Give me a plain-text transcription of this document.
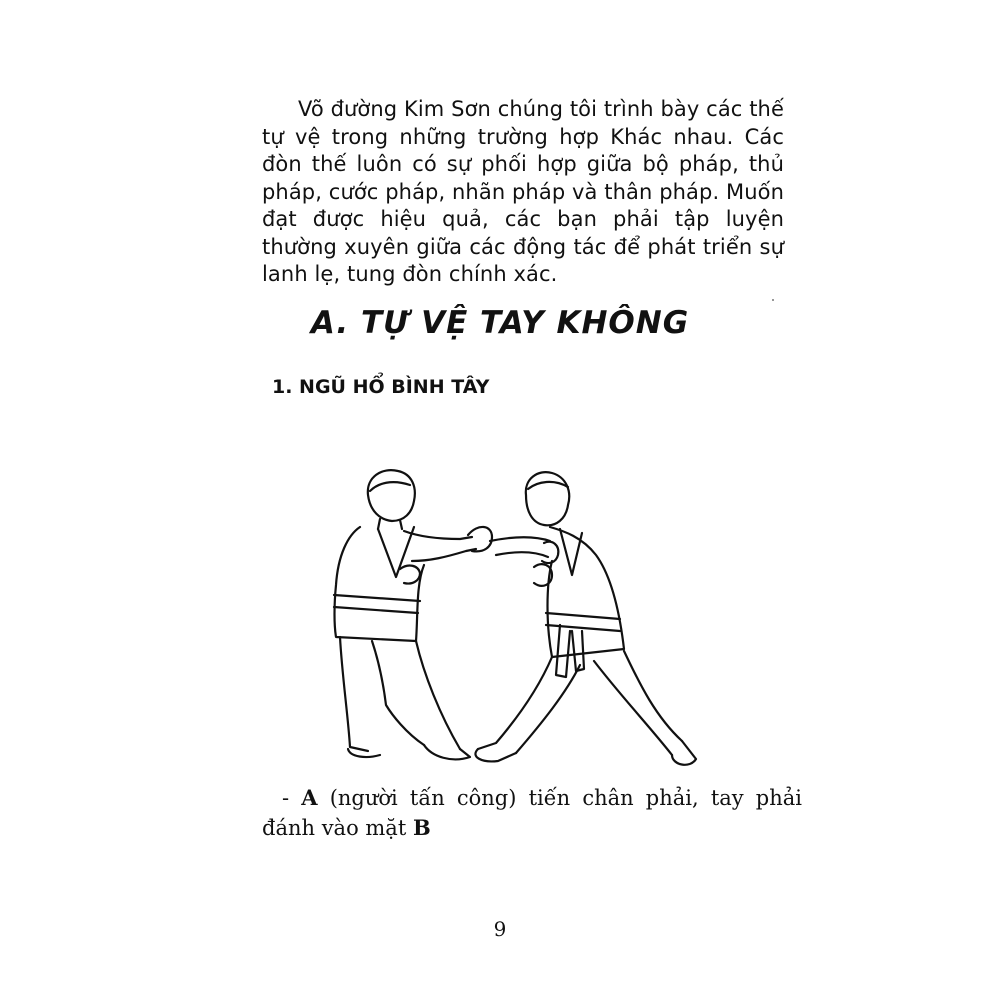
Võ đường Kim Sơn chúng tôi trình bày các thế tự vệ trong những trường hợp Khác nhau. Các đòn thế luôn có sự phối hợp giữa bộ pháp, thủ pháp, cước pháp, nhãn pháp và thân pháp. Muốn đạt được hiệu quả, các bạn phải tập luyện thường xuyên giữa các động tác để phát triển sự lanh lẹ, tung đòn chính xác.

A. TỰ VỆ TAY KHÔNG
1. NGŨ HỔ BÌNH TÂY

- A (người tấn công) tiến chân phải, tay phải

đánh vào mặt B

9
